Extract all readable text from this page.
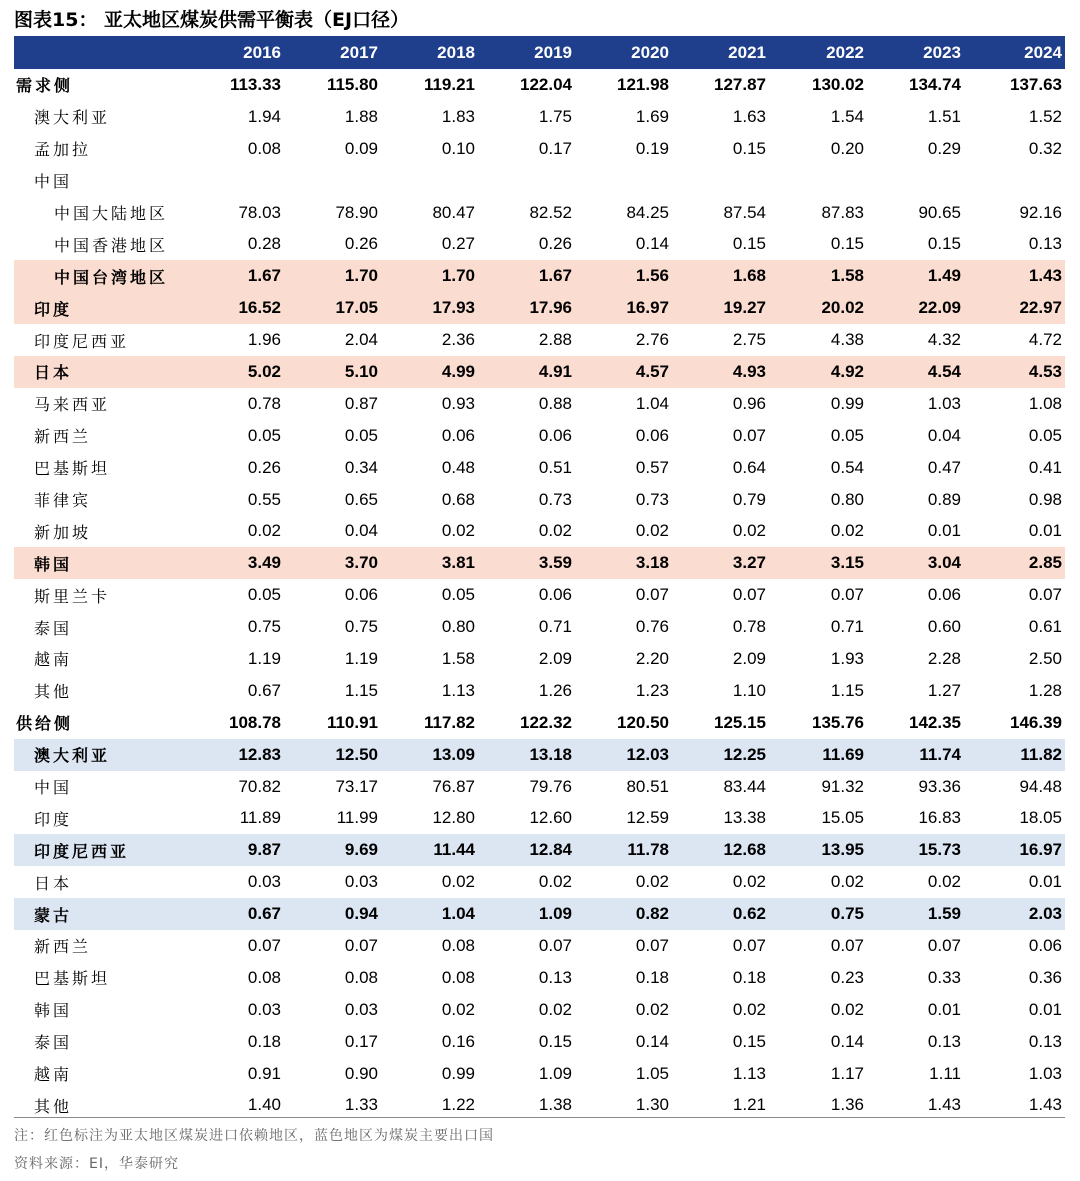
图表15： 亚太地区煤炭供需平衡表（EJ口径）
	2016	2017	2018	2019	2020	2021	2022	2023	2024
需求侧	113.33	115.80	119.21	122.04	121.98	127.87	130.02	134.74	137.63
澳大利亚	1.94	1.88	1.83	1.75	1.69	1.63	1.54	1.51	1.52
孟加拉	0.08	0.09	0.10	0.17	0.19	0.15	0.20	0.29	0.32
中国									
中国大陆地区	78.03	78.90	80.47	82.52	84.25	87.54	87.83	90.65	92.16
中国香港地区	0.28	0.26	0.27	0.26	0.14	0.15	0.15	0.15	0.13
中国台湾地区	1.67	1.70	1.70	1.67	1.56	1.68	1.58	1.49	1.43
印度	16.52	17.05	17.93	17.96	16.97	19.27	20.02	22.09	22.97
印度尼西亚	1.96	2.04	2.36	2.88	2.76	2.75	4.38	4.32	4.72
日本	5.02	5.10	4.99	4.91	4.57	4.93	4.92	4.54	4.53
马来西亚	0.78	0.87	0.93	0.88	1.04	0.96	0.99	1.03	1.08
新西兰	0.05	0.05	0.06	0.06	0.06	0.07	0.05	0.04	0.05
巴基斯坦	0.26	0.34	0.48	0.51	0.57	0.64	0.54	0.47	0.41
菲律宾	0.55	0.65	0.68	0.73	0.73	0.79	0.80	0.89	0.98
新加坡	0.02	0.04	0.02	0.02	0.02	0.02	0.02	0.01	0.01
韩国	3.49	3.70	3.81	3.59	3.18	3.27	3.15	3.04	2.85
斯里兰卡	0.05	0.06	0.05	0.06	0.07	0.07	0.07	0.06	0.07
泰国	0.75	0.75	0.80	0.71	0.76	0.78	0.71	0.60	0.61
越南	1.19	1.19	1.58	2.09	2.20	2.09	1.93	2.28	2.50
其他	0.67	1.15	1.13	1.26	1.23	1.10	1.15	1.27	1.28
供给侧	108.78	110.91	117.82	122.32	120.50	125.15	135.76	142.35	146.39
澳大利亚	12.83	12.50	13.09	13.18	12.03	12.25	11.69	11.74	11.82
中国	70.82	73.17	76.87	79.76	80.51	83.44	91.32	93.36	94.48
印度	11.89	11.99	12.80	12.60	12.59	13.38	15.05	16.83	18.05
印度尼西亚	9.87	9.69	11.44	12.84	11.78	12.68	13.95	15.73	16.97
日本	0.03	0.03	0.02	0.02	0.02	0.02	0.02	0.02	0.01
蒙古	0.67	0.94	1.04	1.09	0.82	0.62	0.75	1.59	2.03
新西兰	0.07	0.07	0.08	0.07	0.07	0.07	0.07	0.07	0.06
巴基斯坦	0.08	0.08	0.08	0.13	0.18	0.18	0.23	0.33	0.36
韩国	0.03	0.03	0.02	0.02	0.02	0.02	0.02	0.01	0.01
泰国	0.18	0.17	0.16	0.15	0.14	0.15	0.14	0.13	0.13
越南	0.91	0.90	0.99	1.09	1.05	1.13	1.17	1.11	1.03
其他	1.40	1.33	1.22	1.38	1.30	1.21	1.36	1.43	1.43
注：红色标注为亚太地区煤炭进口依赖地区，蓝色地区为煤炭主要出口国
资料来源：EI，华泰研究
